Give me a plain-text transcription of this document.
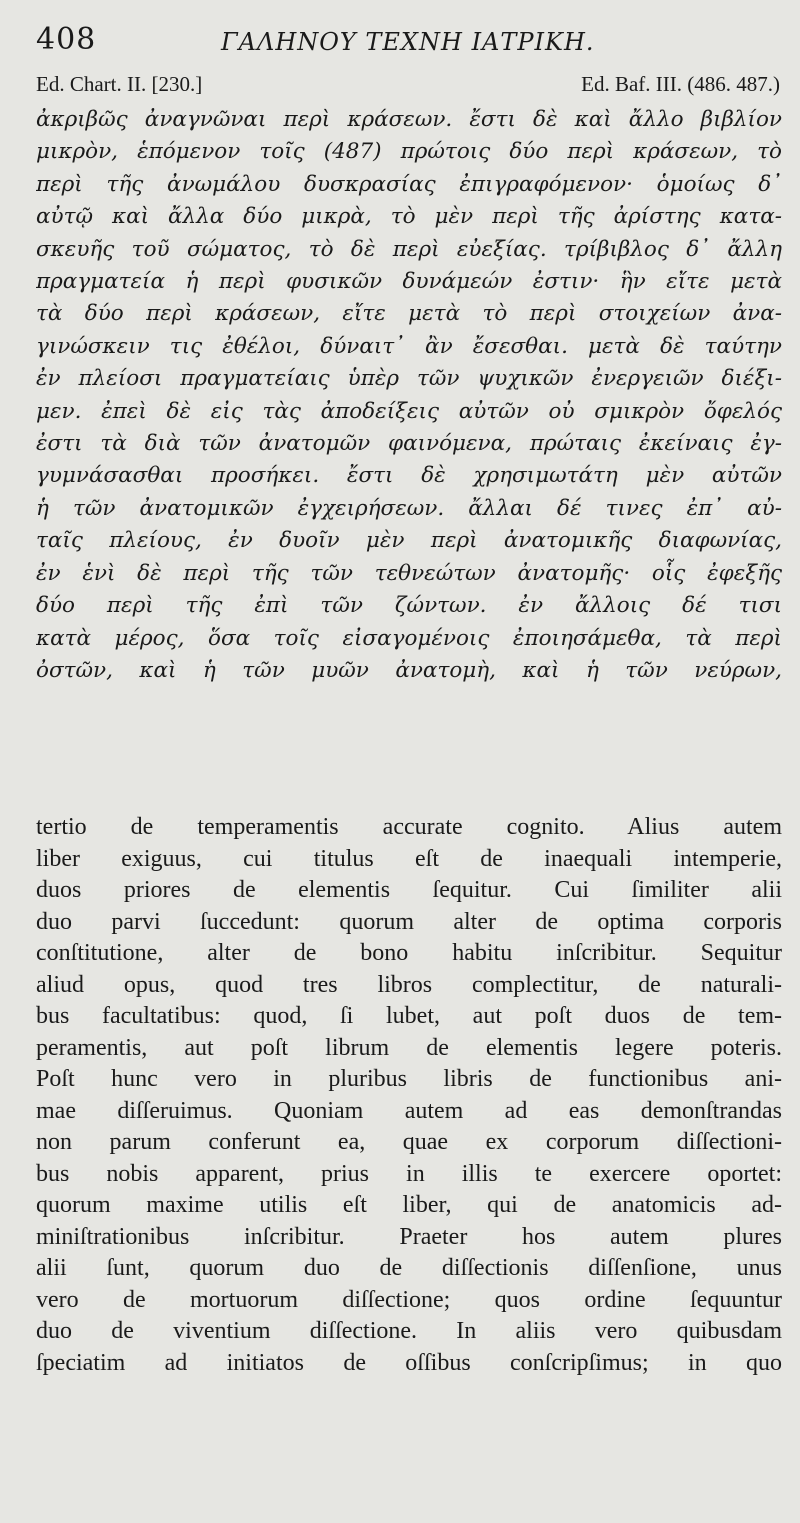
408	ΓΑΛΗΝΟΥ ΤΕΧΝΗ ΙΑΤΡΙΚΗ.
Ed. Chart. II. [230.]	Ed. Baf. III. (486. 487.)
ἀκριβῶς ἀναγνῶναι περὶ κράσεων. ἔστι δὲ καὶ ἄλλο βιβλίον
μικρὸν, ἑπόμενον τοῖς (487) πρώτοις δύο περὶ κράσεων, τὸ
περὶ τῆς ἀνωμάλου δυσκρασίας ἐπιγραφόμενον· ὁμοίως δ᾽
αὐτῷ καὶ ἄλλα δύο μικρὰ, τὸ μὲν περὶ τῆς ἀρίστης κατα-
σκευῆς τοῦ σώματος, τὸ δὲ περὶ εὐεξίας. τρίβιβλος δ᾽ ἄλλη
πραγματεία ἡ περὶ φυσικῶν δυνάμεών ἐστιν· ἣν εἴτε μετὰ
τὰ δύο περὶ κράσεων, εἴτε μετὰ τὸ περὶ στοιχείων ἀνα-
γινώσκειν τις ἐθέλοι, δύναιτ᾽ ἂν ἔσεσθαι. μετὰ δὲ ταύτην
ἐν πλείοσι πραγματείαις ὑπὲρ τῶν ψυχικῶν ἐνεργειῶν διέξι-
μεν. ἐπεὶ δὲ εἰς τὰς ἀποδείξεις αὐτῶν οὐ σμικρὸν ὄφελός
ἐστι τὰ διὰ τῶν ἀνατομῶν φαινόμενα, πρώταις ἐκείναις ἐγ-
γυμνάσασθαι προσήκει. ἔστι δὲ χρησιμωτάτη μὲν αὐτῶν
ἡ τῶν ἀνατομικῶν ἐγχειρήσεων. ἄλλαι δέ τινες ἐπ᾽ αὐ-
ταῖς πλείους, ἐν δυοῖν μὲν περὶ ἀνατομικῆς διαφωνίας,
ἐν ἑνὶ δὲ περὶ τῆς τῶν τεθνεώτων ἀνατομῆς· οἷς ἐφεξῆς
δύο περὶ τῆς ἐπὶ τῶν ζώντων. ἐν ἄλλοις δέ τισι
κατὰ μέρος, ὅσα τοῖς εἰσαγομένοις ἐποιησάμεθα, τὰ περὶ
ὀστῶν, καὶ ἡ τῶν μυῶν ἀνατομὴ, καὶ ἡ τῶν νεύρων,
tertio de temperamentis accurate cognito. Alius autem
liber exiguus, cui titulus eſt de inaequali intemperie,
duos priores de elementis ſequitur. Cui ſimiliter alii
duo parvi ſuccedunt: quorum alter de optima corporis
conſtitutione, alter de bono habitu inſcribitur. Sequitur
aliud opus, quod tres libros complectitur, de naturali-
bus facultatibus: quod, ſi lubet, aut poſt duos de tem-
peramentis, aut poſt librum de elementis legere poteris.
Poſt hunc vero in pluribus libris de functionibus ani-
mae diſſeruimus. Quoniam autem ad eas demonſtrandas
non parum conferunt ea, quae ex corporum diſſectioni-
bus nobis apparent, prius in illis te exercere oportet:
quorum maxime utilis eſt liber, qui de anatomicis ad-
miniſtrationibus inſcribitur. Praeter hos autem plures
alii ſunt, quorum duo de diſſectionis diſſenſione, unus
vero de mortuorum diſſectione; quos ordine ſequuntur
duo de viventium diſſectione. In aliis vero quibusdam
ſpeciatim ad initiatos de oſſibus conſcripſimus; in quo
